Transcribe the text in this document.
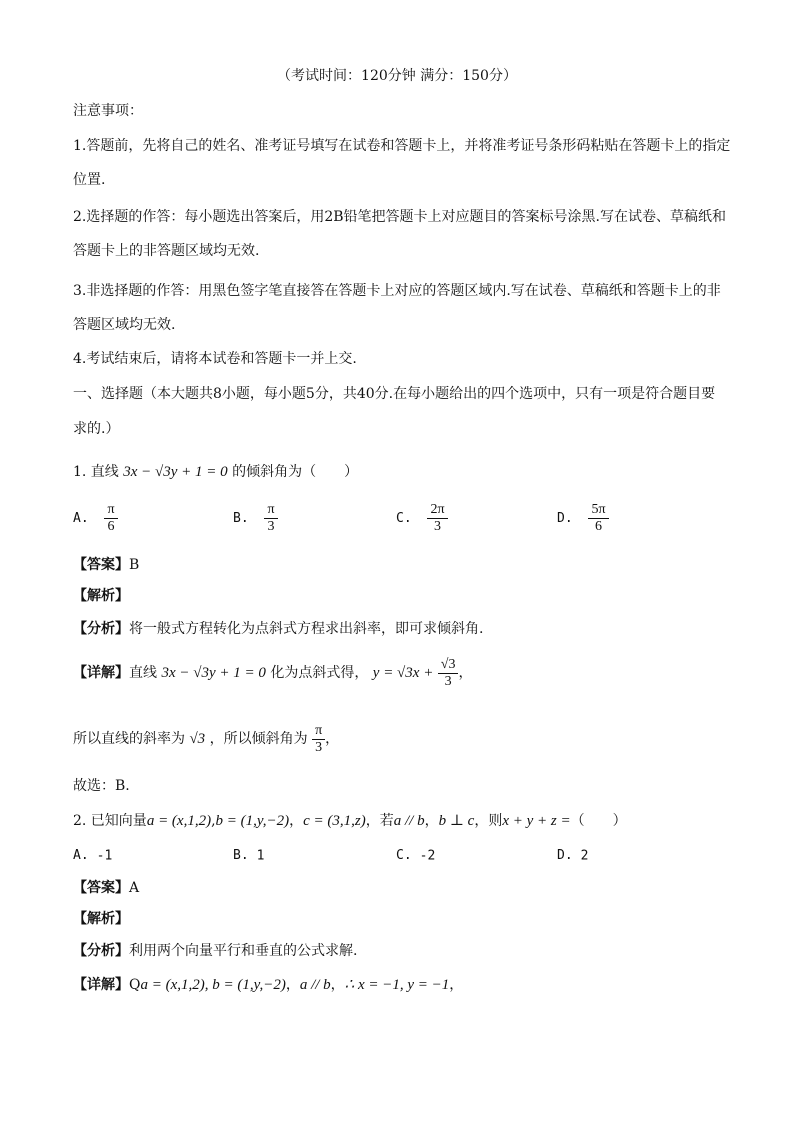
（考试时间：120分钟 满分：150分）
注意事项：
1.答题前，先将自己的姓名、准考证号填写在试卷和答题卡上，并将准考证号条形码粘贴在答题卡上的指定
位置.
2.选择题的作答：每小题选出答案后，用2B铅笔把答题卡上对应题目的答案标号涂黑.写在试卷、草稿纸和
答题卡上的非答题区域均无效.
3.非选择题的作答：用黑色签字笔直接答在答题卡上对应的答题区域内.写在试卷、草稿纸和答题卡上的非
答题区域均无效.
4.考试结束后，请将本试卷和答题卡一并上交.
一、选择题（本大题共8小题，每小题5分，共40分.在每小题给出的四个选项中，只有一项是符合题目要
求的.）
1. 直线 3x − √3y + 1 = 0 的倾斜角为（　　）
A. $\frac{\pi}{6}$	B. $\frac{\pi}{3}$	C. $\frac{2\pi}{3}$	D. $\frac{5\pi}{6}$
【答案】B
【解析】
【分析】将一般式方程转化为点斜式方程求出斜率，即可求倾斜角.
【详解】直线 3x − √3y + 1 = 0 化为点斜式得， $y = √3x + \frac{√3}{3}$ ，
所以直线的斜率为 √3 ，所以倾斜角为 $\frac{\pi}{3}$ ，
故选：B.
2. 已知向量a = (x,1,2),b = (1,y,−2)，c = (3,1,z)，若a // b，b ⊥ c，则x + y + z =（　　）
A. -1	B. 1	C. -2	D. 2
【答案】A
【解析】
【分析】利用两个向量平行和垂直的公式求解.
【详解】Qa = (x,1,2), b = (1,y,−2)，a // b，∴ x = −1, y = −1，
